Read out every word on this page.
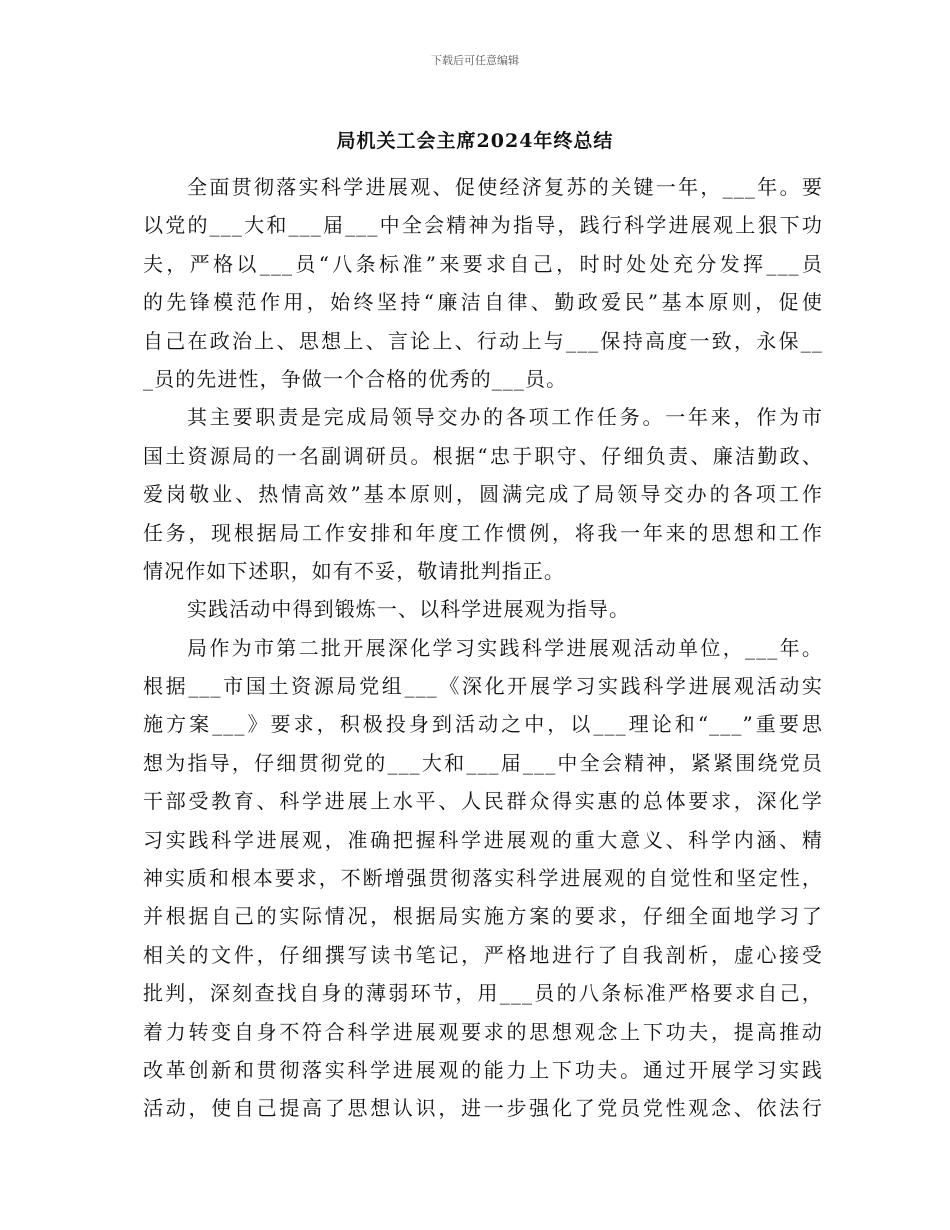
下载后可任意编辑
局机关工会主席2024年终总结
全面贯彻落实科学进展观、促使经济复苏的关键一年，___年。要
以党的___大和___届___中全会精神为指导，践行科学进展观上狠下功
夫，严格以___员“八条标准”来要求自己，时时处处充分发挥___员
的先锋模范作用，始终坚持“廉洁自律、勤政爱民”基本原则，促使
自己在政治上、思想上、言论上、行动上与___保持高度一致，永保__
_员的先进性，争做一个合格的优秀的___员。
其主要职责是完成局领导交办的各项工作任务。一年来，作为市
国土资源局的一名副调研员。根据“忠于职守、仔细负责、廉洁勤政、
爱岗敬业、热情高效”基本原则，圆满完成了局领导交办的各项工作
任务，现根据局工作安排和年度工作惯例，将我一年来的思想和工作
情况作如下述职，如有不妥，敬请批判指正。
实践活动中得到锻炼一、以科学进展观为指导。
局作为市第二批开展深化学习实践科学进展观活动单位，___年。
根据___市国土资源局党组___《深化开展学习实践科学进展观活动实
施方案___》要求，积极投身到活动之中，以___理论和“___”重要思
想为指导，仔细贯彻党的___大和___届___中全会精神，紧紧围绕党员
干部受教育、科学进展上水平、人民群众得实惠的总体要求，深化学
习实践科学进展观，准确把握科学进展观的重大意义、科学内涵、精
神实质和根本要求，不断增强贯彻落实科学进展观的自觉性和坚定性，
并根据自己的实际情况，根据局实施方案的要求，仔细全面地学习了
相关的文件，仔细撰写读书笔记，严格地进行了自我剖析，虚心接受
批判，深刻查找自身的薄弱环节，用___员的八条标准严格要求自己，
着力转变自身不符合科学进展观要求的思想观念上下功夫，提高推动
改革创新和贯彻落实科学进展观的能力上下功夫。通过开展学习实践
活动，使自己提高了思想认识，进一步强化了党员党性观念、依法行
